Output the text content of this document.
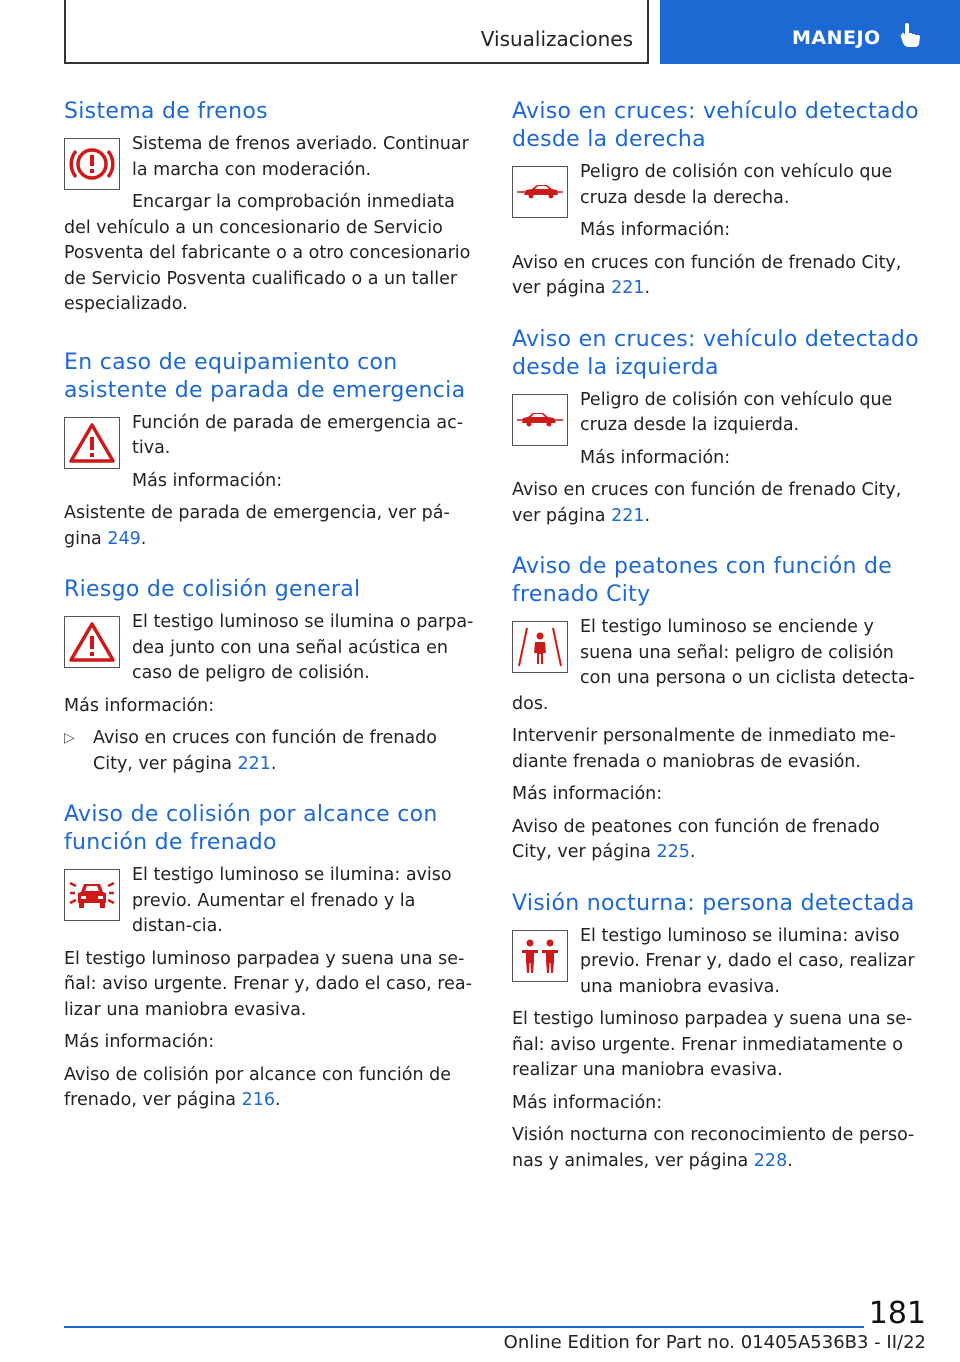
Visualizaciones	MANEJO
Sistema de frenos

Sistema de frenos averiado. Continuar la marcha con moderación.

Encargar la comprobación inmediata del vehículo a un concesionario de Servicio Posventa del fabricante o a otro concesionario de Servicio Posventa cualificado o a un taller especializado.

En caso de equipamiento con asistente de parada de emergencia

Función de parada de emergencia ac‐tiva.

Más información:

Asistente de parada de emergencia, ver pá‐gina 249.

Riesgo de colisión general

El testigo luminoso se ilumina o parpa‐dea junto con una señal acústica en caso de peligro de colisión.

Más información:

▷ Aviso en cruces con función de frenado City, ver página 221.

Aviso de colisión por alcance con función de frenado

El testigo luminoso se ilumina: aviso previo. Aumentar el frenado y la distan‐cia.

El testigo luminoso parpadea y suena una se‐ñal: aviso urgente. Frenar y, dado el caso, rea‐lizar una maniobra evasiva.

Más información:

Aviso de colisión por alcance con función de frenado, ver página 216.

Aviso en cruces: vehículo detectado desde la derecha

Peligro de colisión con vehículo que cruza desde la derecha.

Más información:

Aviso en cruces con función de frenado City, ver página 221.

Aviso en cruces: vehículo detectado desde la izquierda

Peligro de colisión con vehículo que cruza desde la izquierda.

Más información:

Aviso en cruces con función de frenado City, ver página 221.

Aviso de peatones con función de frenado City

El testigo luminoso se enciende y suena una señal: peligro de colisión con una persona o un ciclista detecta‐dos.

Intervenir personalmente de inmediato me‐diante frenada o maniobras de evasión.

Más información:

Aviso de peatones con función de frenado City, ver página 225.

Visión nocturna: persona detectada

El testigo luminoso se ilumina: aviso previo. Frenar y, dado el caso, realizar una maniobra evasiva.

El testigo luminoso parpadea y suena una se‐ñal: aviso urgente. Frenar inmediatamente o realizar una maniobra evasiva.

Más información:

Visión nocturna con reconocimiento de perso‐nas y animales, ver página 228.

181
Online Edition for Part no. 01405A536B3 - II/22
